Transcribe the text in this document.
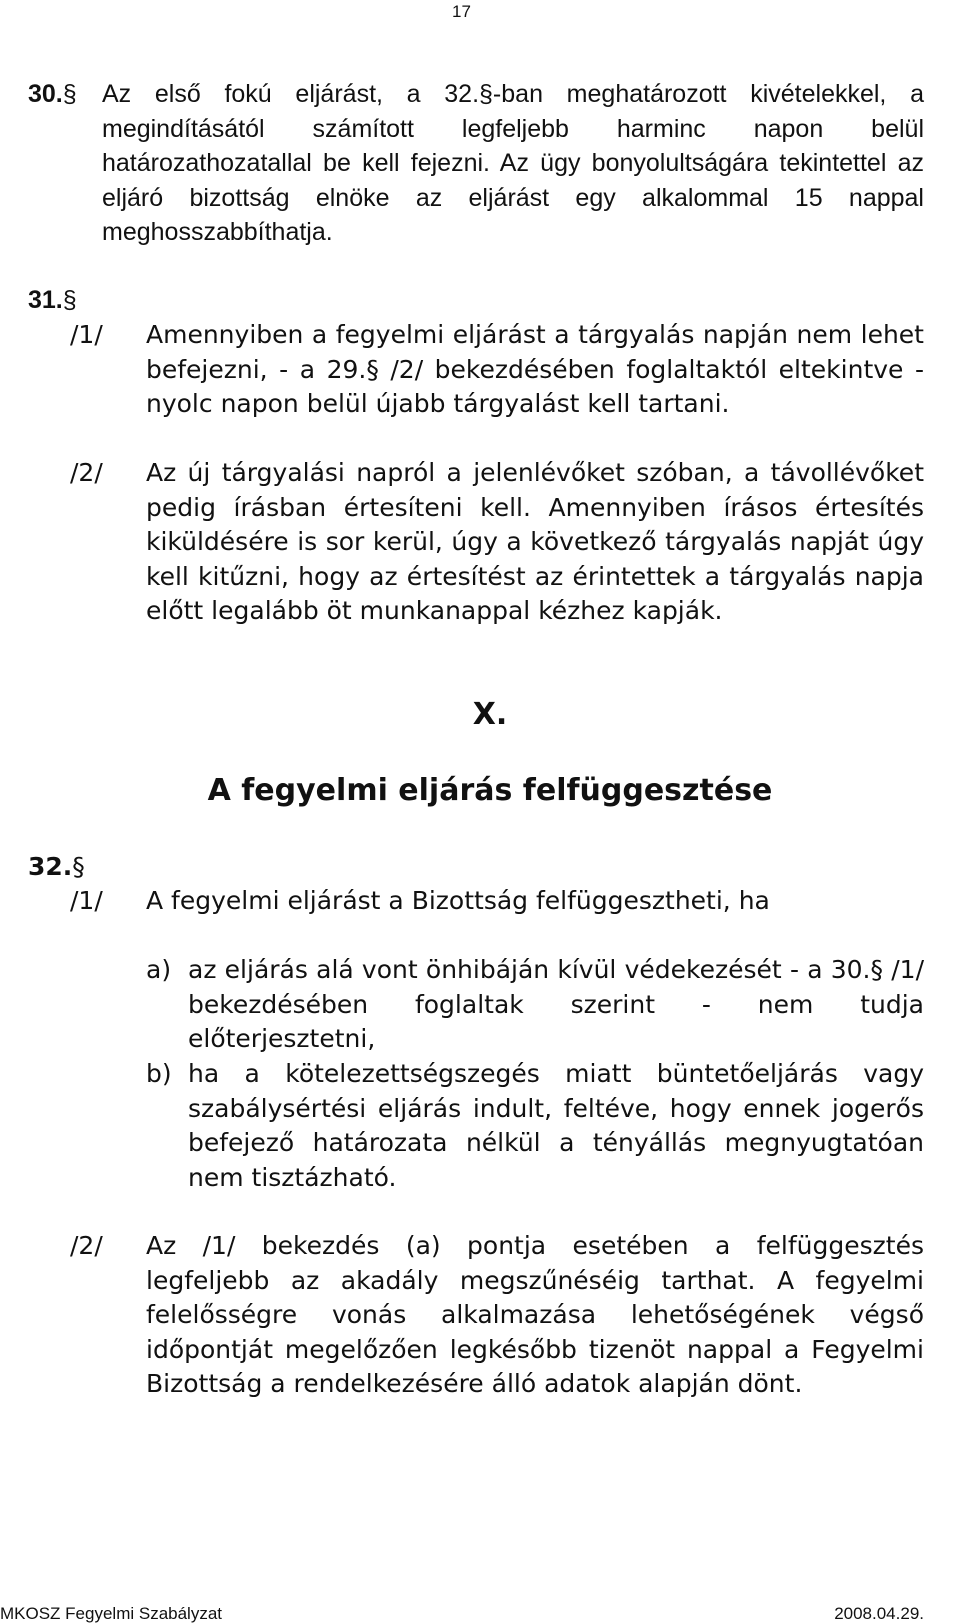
17
30.§ Az első fokú eljárást, a 32.§-ban meghatározott kivételekkel, a megindításától számított legfeljebb harminc napon belül határozathozatallal be kell fejezni. Az ügy bonyolultságára tekintettel az eljáró bizottság elnöke az eljárást egy alkalommal 15 nappal meghosszabbíthatja.
31.§
/1/ Amennyiben a fegyelmi eljárást a tárgyalás napján nem lehet befejezni, - a 29.§ /2/ bekezdésében foglaltaktól eltekintve - nyolc napon belül újabb tárgyalást kell tartani.
/2/ Az új tárgyalási napról a jelenlévőket szóban, a távollévőket pedig írásban értesíteni kell. Amennyiben írásos értesítés kiküldésére is sor kerül, úgy a következő tárgyalás napját úgy kell kitűzni, hogy az értesítést az érintettek a tárgyalás napja előtt legalább öt munkanappal kézhez kapják.
X.
A fegyelmi eljárás felfüggesztése
32.§
/1/ A fegyelmi eljárást a Bizottság felfüggesztheti, ha
a) az eljárás alá vont önhibáján kívül védekezését - a 30.§ /1/ bekezdésében foglaltak szerint - nem tudja előterjesztetni,
b) ha a kötelezettségszegés miatt büntetőeljárás vagy szabálysértési eljárás indult, feltéve, hogy ennek jogerős befejező határozata nélkül a tényállás megnyugtatóan nem tisztázható.
/2/ Az /1/ bekezdés (a) pontja esetében a felfüggesztés legfeljebb az akadály megszűnéséig tarthat. A fegyelmi felelősségre vonás alkalmazása lehetőségének végső időpontját megelőzően legkésőbb tizenöt nappal a Fegyelmi Bizottság a rendelkezésére álló adatok alapján dönt.
MKOSZ Fegyelmi Szabályzat	2008.04.29.
